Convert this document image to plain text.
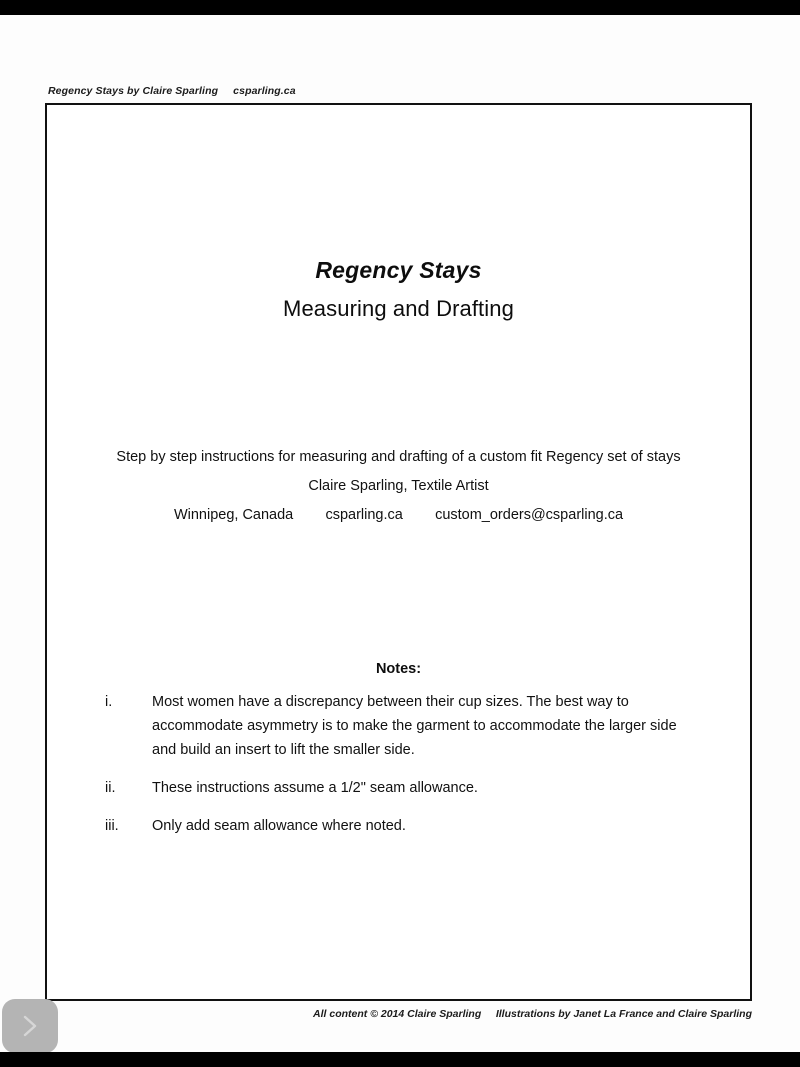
Regency Stays by Claire Sparling     csparling.ca
Regency Stays
Measuring and Drafting
Step by step instructions for measuring and drafting of a custom fit Regency set of stays
Claire Sparling, Textile Artist
Winnipeg, Canada        csparling.ca        custom_orders@csparling.ca
Notes:
i.	Most women have a discrepancy between their cup sizes. The best way to accommodate asymmetry is to make the garment to accommodate the larger side and build an insert to lift the smaller side.
ii.	These instructions assume a 1/2" seam allowance.
iii.	Only add seam allowance where noted.
All content © 2014 Claire Sparling     Illustrations by Janet La France and Claire Sparling
